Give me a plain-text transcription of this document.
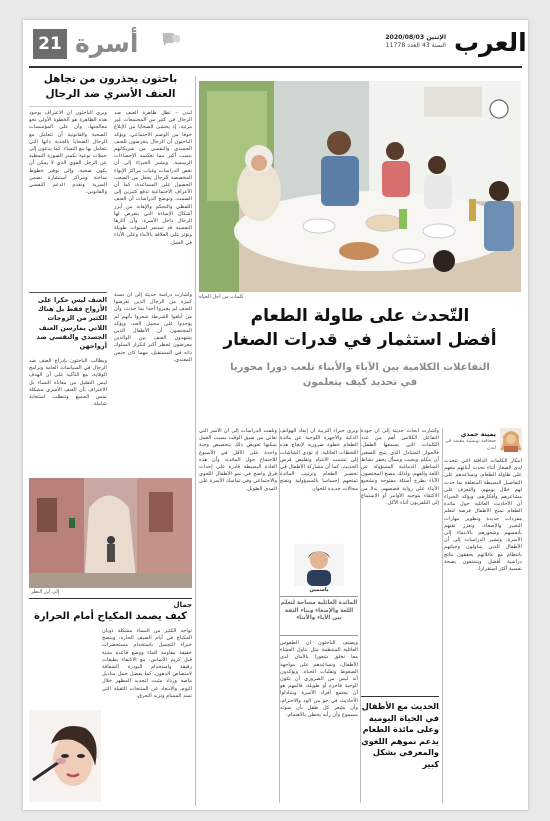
العرب
الإثنين 2020/08/03
السنة 43 العدد 11778
21 أسرة
باحثون يحذرون من تجاهل
العنف الأسري ضد الرجال
لندن – تظل ظاهرة العنف ضد الرجال في كثير من المجتمعات غير مرئية، إذ يخشى الضحايا من الإبلاغ خوفا من الوصم الاجتماعي، ويؤكد الباحثون أن الرجال يتعرضون للعنف الجسدي والنفسي من شريكاتهم بنسب أكبر مما تعكسه الإحصاءات الرسمية. ويشير الخبراء إلى أن نقص الدراسات وغياب مراكز الإيواء المخصصة للرجال يجعل من الصعب الحصول على المساعدة، كما أن الأعراف الاجتماعية تدفع كثيرين إلى الصمت. وتوضح الدراسات أن العنف اللفظي والتحكم والإهانة من أبرز أشكال الإساءة التي يتعرض لها الرجال داخل الأسرة، وأن آثارها النفسية قد تستمر لسنوات طويلة وتؤثر على العلاقة بالأبناء وعلى الأداء في العمل.
ويرى الباحثون أن الاعتراف بوجود هذه الظاهرة هو الخطوة الأولى نحو معالجتها، وأن على المؤسسات الصحية والقانونية أن تتعامل مع الرجال الضحايا بالجدية ذاتها التي تتعامل بها مع النساء. كما يدعون إلى حملات توعية تكسر الصورة النمطية عن الرجل القوي الذي لا يمكن أن يكون ضحية، وإلى توفير خطوط ساخنة ومراكز استشارة تضمن السرية وتقدم الدعم النفسي والقانوني.
العنف ليس حكرا على الأزواج فقط بل هناك الكثير من الزوجات اللاتي يمارسن العنف الجسدي والنفسي ضد أزواجهن
وأشارت دراسة حديثة إلى أن نسبة كبيرة من الرجال الذين تعرضوا للعنف لم يخبروا أحدا بما حدث، وأن من أبلغوا الشرطة شعروا بأنهم لم يؤخذوا على محمل الجد. ويؤكد المختصون أن الأطفال الذين يشهدون العنف بين الوالدين معرضون لخطر أكبر لتكرار السلوك ذاته في المستقبل، مهما كان جنس المعتدي.
ويطالب الباحثون بإدراج العنف ضد الرجال في السياسات العامة وبرامج الوقاية، مع التأكيد على أن الهدف ليس التقليل من معاناة النساء بل الاعتراف بأن العنف الأسري مشكلة تمس الجميع وتتطلب استجابة شاملة.
إلى أين النظر
جمال
كيف يصمد المكياج أمام الحرارة
تواجه الكثير من النساء مشكلة ذوبان المكياج في أيام الصيف الحارة، وينصح خبراء التجميل باستخدام مستحضرات خفيفة مقاومة للماء ووضع قاعدة مثبتة قبل كريم الأساس، مع الاكتفاء بطبقات رقيقة واستخدام البودرة الشفافة لامتصاص الدهون. كما يفضل حمل مناديل ماصة ورذاذ مثبت لتجديد المظهر خلال اليوم، والابتعاد عن المنتجات الثقيلة التي تسد المسام وتزيد التعرق.
كلمات من أجل الحياة
التّحدث على طاولة الطعام
أفضل استثمار في قدرات الصغار
التفاعلات الكلامية بين الآباء والأبناء تلعب دورا محوريا
في تحديد كيف يتعلمون
يمينة حمدي
صحافية تونسية مقيمة في لندن
ابتكار الكلمات الدافئة التي تتحدث لدى الصغار أثناء تحدث أبنائهم معهم على طاولة الطعام، وتساعدهم على التفاصيل البسيطة المتعلقة بما حدث لهم خلال يومهم، والتعرف على مشاعرهم وأفكارهم. ويؤكد الخبراء أن الأحاديث العائلية حول مائدة الطعام تمنح الأطفال فرصة لتعلم مفردات جديدة وتطوير مهارات التعبير والإصغاء، وتعزز ثقتهم بأنفسهم وشعورهم بالانتماء إلى الأسرة. وتشير الدراسات إلى أن الأطفال الذين يتناولون وجباتهم بانتظام مع عائلاتهم يحققون نتائج دراسية أفضل ويتمتعون بصحة نفسية أكثر استقرارا.
وأشارت أبحاث حديثة إلى أن جودة التفاعل الكلامي أهم من عدد الكلمات التي يسمعها الطفل، فالحوار المتبادل الذي يتيح للصغير أن يتكلم ويجيب ويسأل يحفز نشاط المناطق الدماغية المسؤولة عن اللغة والفهم. ولذلك ينصح المختصون الآباء بطرح أسئلة مفتوحة وتشجيع الأبناء على رواية قصصهم، بدلا من الاكتفاء بتوجيه الأوامر أو الاستماع إلى التلفزيون أثناء الأكل.
الحديث مع الأطفال في الحياة اليومية وعلى مائدة الطعام يدعم نموهم اللغوي والمعرفي بشكل كبير
ويرى خبراء التربية أن إبعاد الهواتف الذكية والأجهزة اللوحية عن مائدة الطعام خطوة ضرورية لإنجاح هذه اللحظات العائلية، إذ تؤدي الشاشات إلى تشتيت الانتباه وتقليص فرص الحديث. كما أن مشاركة الأطفال في تحضير الطعام وترتيب المائدة تمنحهم إحساسا بالمسؤولية وتفتح مجالات جديدة للحوار.
ياسمين
المائدة العائلية مساحة لتعلم اللغة والإصغاء وبناء الثقة بين الآباء والأبناء
ويضيف الباحثون أن الطقوس العائلية المنتظمة مثل تناول العشاء معا تخلق شعورا بالأمان لدى الأطفال، وتساعدهم على مواجهة الضغوط وتقلبات الحياة. ويؤكدون أنه ليس من الضروري أن تكون الوجبة فاخرة أو طويلة، فالمهم هو أن يجتمع أفراد الأسرة ويتبادلوا الأحاديث في جو من الود والاحترام، وأن يشعر كل طفل بأن صوته مسموع وأن رأيه يحظى بالاهتمام.
وتلفت الدراسات إلى أن الأسر التي تعاني من ضيق الوقت بسبب العمل يمكنها تعويض ذلك بتخصيص وجبة واحدة على الأقل في الأسبوع للاجتماع حول المائدة، وأن هذه العادة البسيطة قادرة على إحداث فرق واضح في نمو الأطفال اللغوي والاجتماعي وفي تماسك الأسرة على المدى الطويل.
